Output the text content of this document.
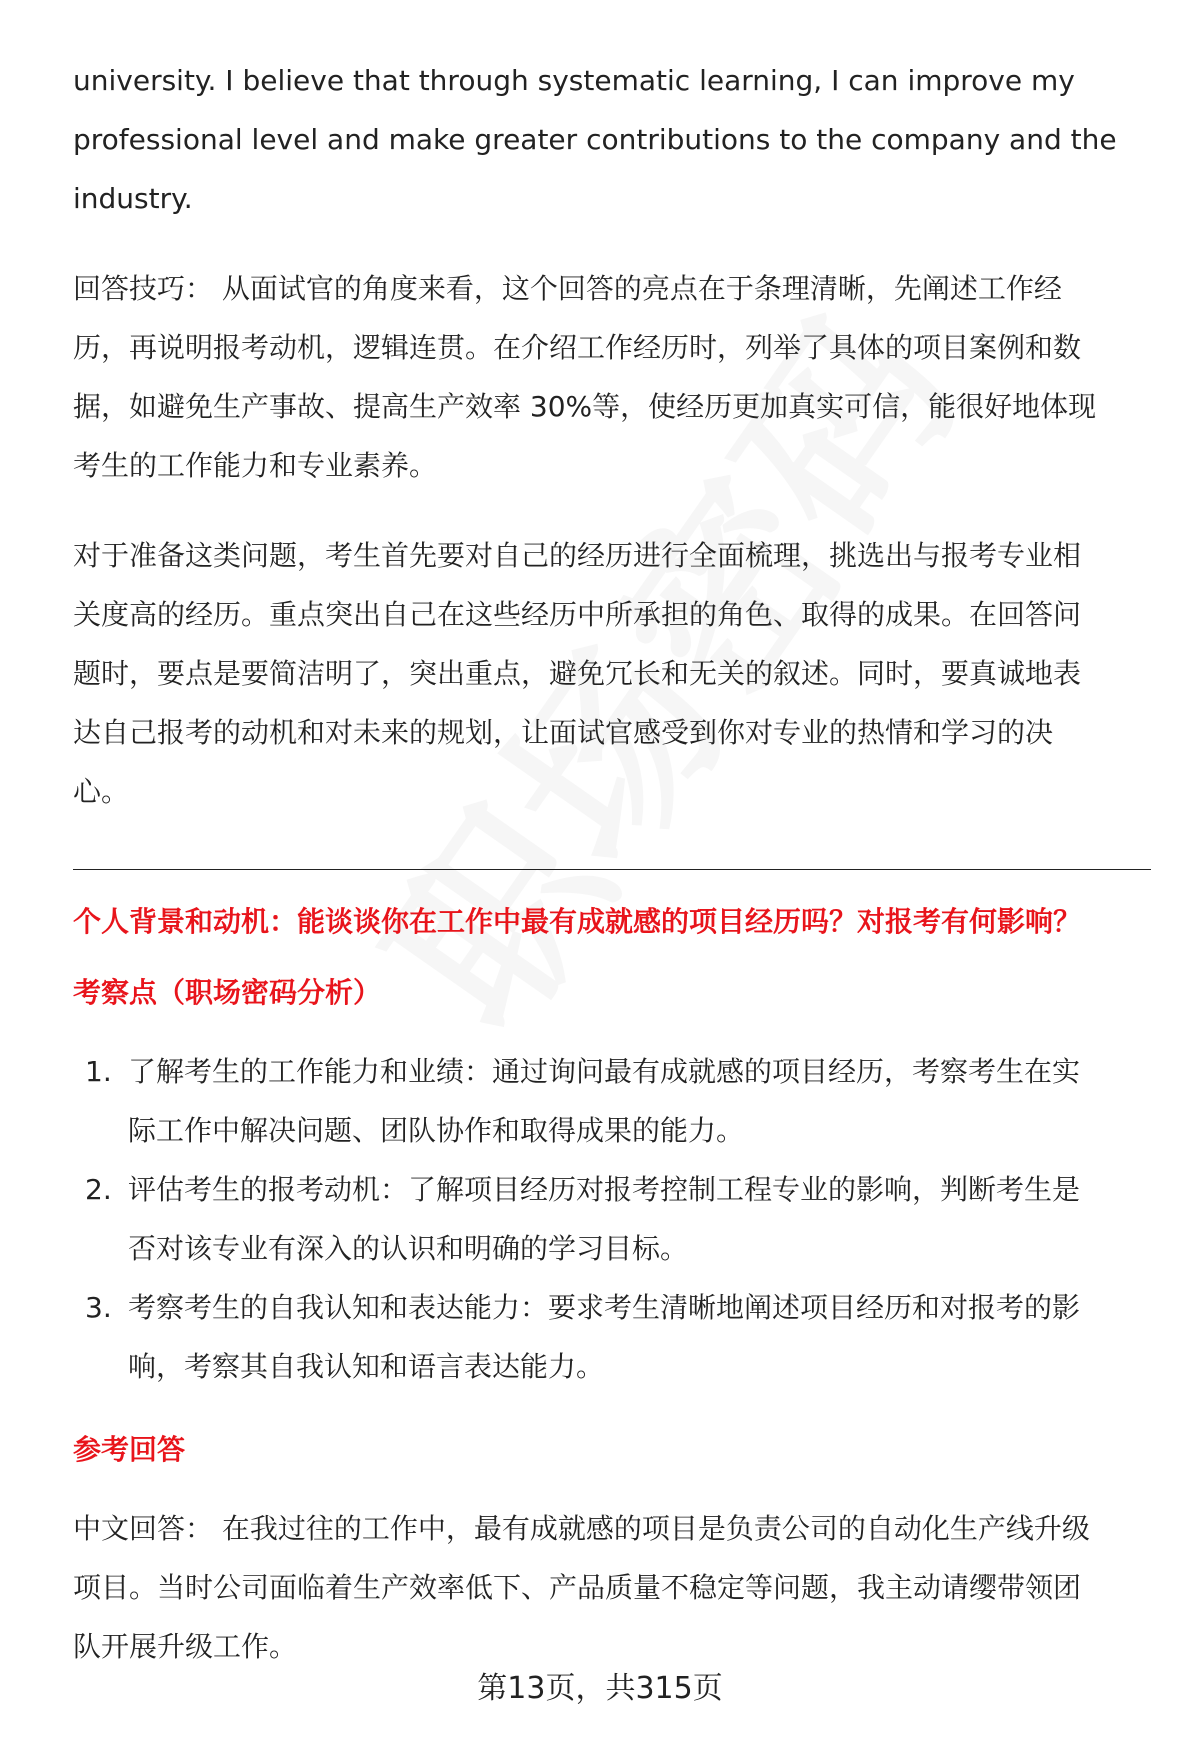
university. I believe that through systematic learning, I can improve my
professional level and make greater contributions to the company and the
industry.
回答技巧： 从面试官的角度来看，这个回答的亮点在于条理清晰，先阐述工作经
历，再说明报考动机，逻辑连贯。在介绍工作经历时，列举了具体的项目案例和数
据，如避免生产事故、提高生产效率 30%等，使经历更加真实可信，能很好地体现
考生的工作能力和专业素养。
对于准备这类问题，考生首先要对自己的经历进行全面梳理，挑选出与报考专业相
关度高的经历。重点突出自己在这些经历中所承担的角色、取得的成果。在回答问
题时，要点是要简洁明了，突出重点，避免冗长和无关的叙述。同时，要真诚地表
达自己报考的动机和对未来的规划，让面试官感受到你对专业的热情和学习的决
心。
个人背景和动机：能谈谈你在工作中最有成就感的项目经历吗？对报考有何影响？
考察点（职场密码分析）
1. 了解考生的工作能力和业绩：通过询问最有成就感的项目经历，考察考生在实
际工作中解决问题、团队协作和取得成果的能力。
2. 评估考生的报考动机：了解项目经历对报考控制工程专业的影响，判断考生是
否对该专业有深入的认识和明确的学习目标。
3. 考察考生的自我认知和表达能力：要求考生清晰地阐述项目经历和对报考的影
响，考察其自我认知和语言表达能力。
参考回答
中文回答： 在我过往的工作中，最有成就感的项目是负责公司的自动化生产线升级
项目。当时公司面临着生产效率低下、产品质量不稳定等问题，我主动请缨带领团
队开展升级工作。
第13页，共315页
